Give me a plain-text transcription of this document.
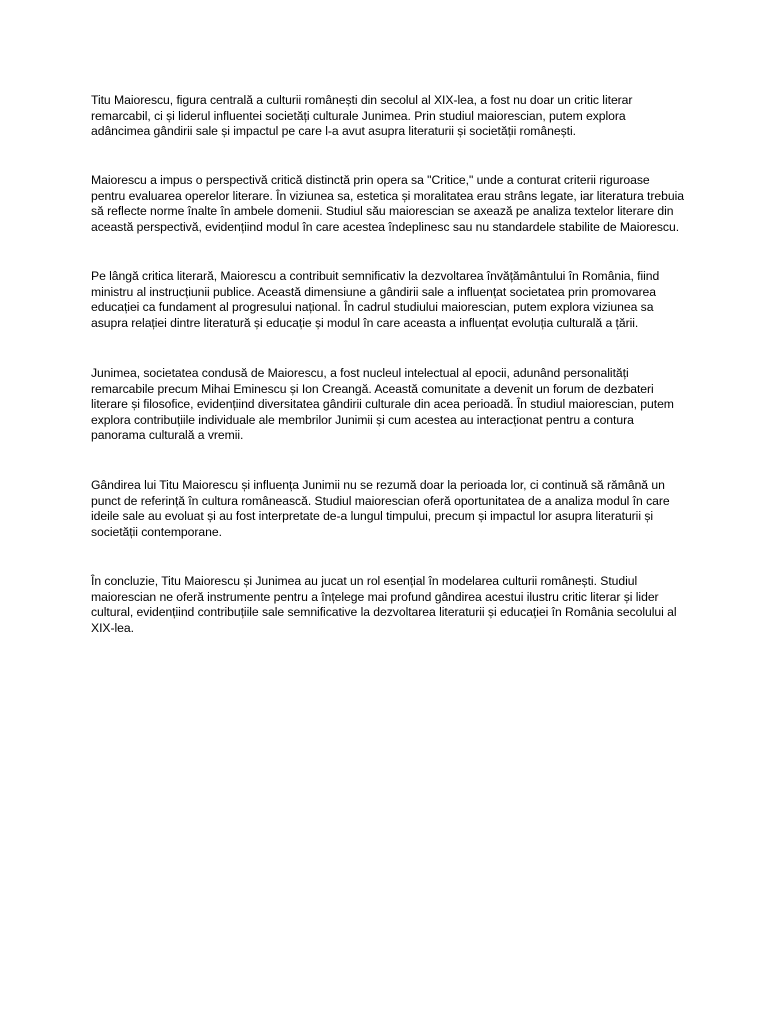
Titu Maiorescu, figura centrală a culturii românești din secolul al XIX-lea, a fost nu doar un critic literar
remarcabil, ci și liderul influentei societăți culturale Junimea. Prin studiul maiorescian, putem explora
adâncimea gândirii sale și impactul pe care l-a avut asupra literaturii și societății românești.

Maiorescu a impus o perspectivă critică distinctă prin opera sa "Critice," unde a conturat criterii riguroase
pentru evaluarea operelor literare. În viziunea sa, estetica și moralitatea erau strâns legate, iar literatura trebuia
să reflecte norme înalte în ambele domenii. Studiul său maiorescian se axează pe analiza textelor literare din
această perspectivă, evidențiind modul în care acestea îndeplinesc sau nu standardele stabilite de Maiorescu.

Pe lângă critica literară, Maiorescu a contribuit semnificativ la dezvoltarea învățământului în România, fiind
ministru al instrucțiunii publice. Această dimensiune a gândirii sale a influențat societatea prin promovarea
educației ca fundament al progresului național. În cadrul studiului maiorescian, putem explora viziunea sa
asupra relației dintre literatură și educație și modul în care aceasta a influențat evoluția culturală a țării.

Junimea, societatea condusă de Maiorescu, a fost nucleul intelectual al epocii, adunând personalități
remarcabile precum Mihai Eminescu și Ion Creangă. Această comunitate a devenit un forum de dezbateri
literare și filosofice, evidențiind diversitatea gândirii culturale din acea perioadă. În studiul maiorescian, putem
explora contribuțiile individuale ale membrilor Junimii și cum acestea au interacționat pentru a contura
panorama culturală a vremii.

Gândirea lui Titu Maiorescu și influența Junimii nu se rezumă doar la perioada lor, ci continuă să rămână un
punct de referință în cultura românească. Studiul maiorescian oferă oportunitatea de a analiza modul în care
ideile sale au evoluat și au fost interpretate de-a lungul timpului, precum și impactul lor asupra literaturii și
societății contemporane.

În concluzie, Titu Maiorescu și Junimea au jucat un rol esențial în modelarea culturii românești. Studiul
maiorescian ne oferă instrumente pentru a înțelege mai profund gândirea acestui ilustru critic literar și lider
cultural, evidențiind contribuțiile sale semnificative la dezvoltarea literaturii și educației în România secolului al
XIX-lea.
